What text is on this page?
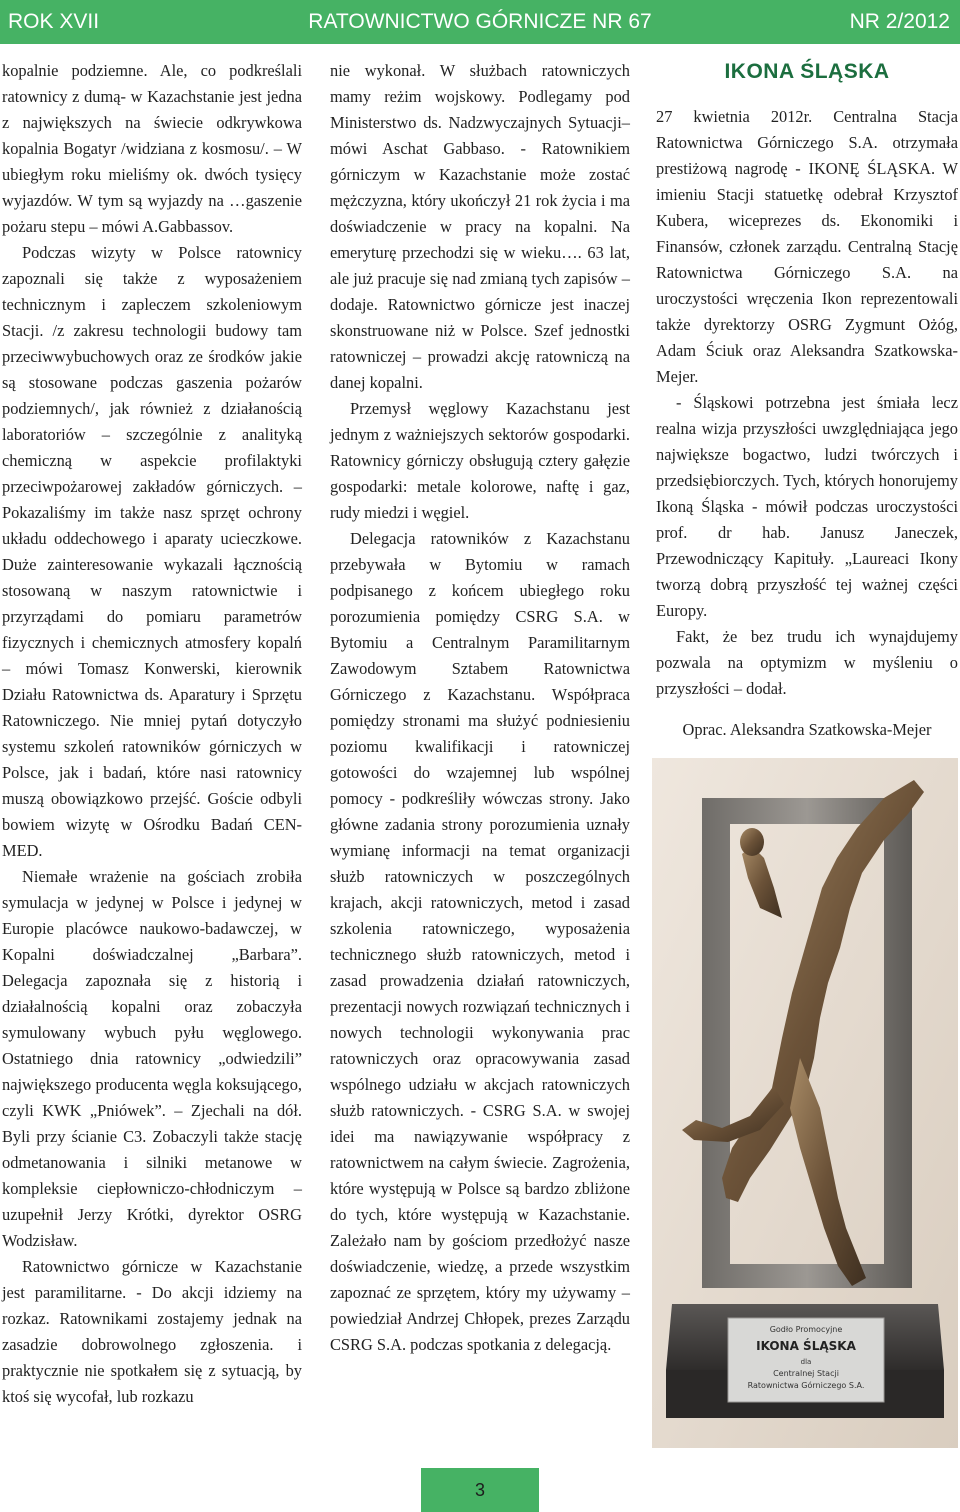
RATOWNICTWO GÓRNICZE NR 67
ROK XVII	NR 2/2012

kopalnie podziemne. Ale, co podkreślali ratownicy z dumą- w Kazachstanie jest jedna z największych na świecie odkrywkowa kopalnia Bogatyr /widziana z kosmosu/. – W ubiegłym roku mieliśmy ok. dwóch tysięcy wyjazdów. W tym są wyjazdy na …gaszenie pożaru stepu – mówi A.Gabbassov.

Podczas wizyty w Polsce ratownicy zapoznali się także z wyposażeniem technicznym i zapleczem szkoleniowym Stacji. /z zakresu technologii budowy tam przeciwwybuchowych oraz ze środków jakie są stosowane podczas gaszenia pożarów podziemnych/, jak również z działanością laboratoriów – szczególnie z analityką chemiczną w aspekcie profilaktyki przeciwpożarowej zakładów górniczych. – Pokazaliśmy im także nasz sprzęt ochrony układu oddechowego i aparaty ucieczkowe. Duże zainteresowanie wykazali łącznością stosowaną w naszym ratownictwie i przyrządami do pomiaru parametrów fizycznych i chemicznych atmosfery kopalń – mówi Tomasz Konwerski, kierownik Działu Ratownictwa ds. Aparatury i Sprzętu Ratowniczego. Nie mniej pytań dotyczyło systemu szkoleń ratowników górniczych w Polsce, jak i badań, które nasi ratownicy muszą obowiązkowo przejść. Goście odbyli bowiem wizytę w Ośrodku Badań CEN-MED.

Niemałe wrażenie na gościach zrobiła symulacja w jedynej w Polsce i jedynej w Europie placówce naukowo-badawczej, w Kopalni doświadczalnej „Barbara”. Delegacja zapoznała się z historią i działalnością kopalni oraz zobaczyła symulowany wybuch pyłu węglowego. Ostatniego dnia ratownicy „odwiedzili” największego producenta węgla koksującego, czyli KWK „Pniówek”. – Zjechali na dół. Byli przy ścianie C3. Zobaczyli także stację odmetanowania i silniki metanowe w kompleksie ciepłowniczo-chłodniczym – uzupełnił Jerzy Krótki, dyrektor OSRG Wodzisław.

Ratownictwo górnicze w Kazachstanie jest paramilitarne. - Do akcji idziemy na rozkaz. Ratownikami zostajemy jednak na zasadzie dobrowolnego zgłoszenia. i praktycznie nie spotkałem się z sytuacją, by ktoś się wycofał, lub rozkazu

nie wykonał. W służbach ratowniczych mamy reżim wojskowy. Podlegamy pod Ministerstwo ds. Nadzwyczajnych Sytuacji– mówi Aschat Gabbaso. - Ratownikiem górniczym w Kazachstanie może zostać mężczyzna, który ukończył 21 rok życia i ma doświadczenie w pracy na kopalni. Na emeryturę przechodzi się w wieku…. 63 lat, ale już pracuje się nad zmianą tych zapisów – dodaje. Ratownictwo górnicze jest inaczej skonstruowane niż w Polsce. Szef jednostki ratowniczej – prowadzi akcję ratowniczą na danej kopalni.

Przemysł węglowy Kazachstanu jest jednym z ważniejszych sektorów gospodarki. Ratownicy górniczy obsługują cztery gałęzie gospodarki: metale kolorowe, naftę i gaz, rudy miedzi i węgiel.

Delegacja ratowników z Kazachstanu przebywała w Bytomiu w ramach podpisanego z końcem ubiegłego roku porozumienia pomiędzy CSRG S.A. w Bytomiu a Centralnym Paramilitarnym Zawodowym Sztabem Ratownictwa Górniczego z Kazachstanu. Współpraca pomiędzy stronami ma służyć podniesieniu poziomu kwalifikacji i ratowniczej gotowości do wzajemnej lub wspólnej pomocy - podkreśliły wówczas strony. Jako główne zadania strony porozumienia uznały wymianę informacji na temat organizacji służb ratowniczych w poszczególnych krajach, akcji ratowniczych, metod i zasad szkolenia ratowniczego, wyposażenia technicznego służb ratowniczych, metod i zasad prowadzenia działań ratowniczych, prezentacji nowych rozwiązań technicznych i nowych technologii wykonywania prac ratowniczych oraz opracowywania zasad wspólnego udziału w akcjach ratowniczych służb ratowniczych. - CSRG S.A. w swojej idei ma nawiązywanie współpracy z ratownictwem na całym świecie. Zagrożenia, które występują w Polsce są bardzo zbliżone do tych, które występują w Kazachstanie. Zależało nam by gościom przedłożyć nasze doświadczenie, wiedzę, a przede wszystkim zapoznać ze sprzętem, który my używamy – powiedział Andrzej Chłopek, prezes Zarządu CSRG S.A. podczas spotkania z delegacją.

IKONA ŚLĄSKA

27 kwietnia 2012r. Centralna Stacja Ratownictwa Górniczego S.A. otrzymała prestiżową nagrodę - IKONĘ ŚLĄSKA. W imieniu Stacji statuetkę odebrał Krzysztof Kubera, wiceprezes ds. Ekonomiki i Finansów, członek zarządu. Centralną Stację Ratownictwa Górniczego S.A. na uroczystości wręczenia Ikon reprezentowali także dyrektorzy OSRG Zygmunt Ożóg, Adam Ściuk oraz Aleksandra Szatkowska-Mejer.

- Śląskowi potrzebna jest śmiała lecz realna wizja przyszłości uwzględniająca jego największe bogactwo, ludzi twórczych i przedsiębiorczych. Tych, których honorujemy Ikoną Śląska - mówił podczas uroczystości prof. dr hab. Janusz Janeczek, Przewodniczący Kapituły. „Laureaci Ikony tworzą dobrą przyszłość tej ważnej części Europy.

Fakt, że bez trudu ich wynajdujemy pozwala na optymizm w myśleniu o przyszłości – dodał.

Oprac. Aleksandra Szatkowska-Mejer
Godło Promocyjne
IKONA ŚLĄSKA
dla
Centralnej Stacji
Ratownictwa Górniczego S.A.
3
